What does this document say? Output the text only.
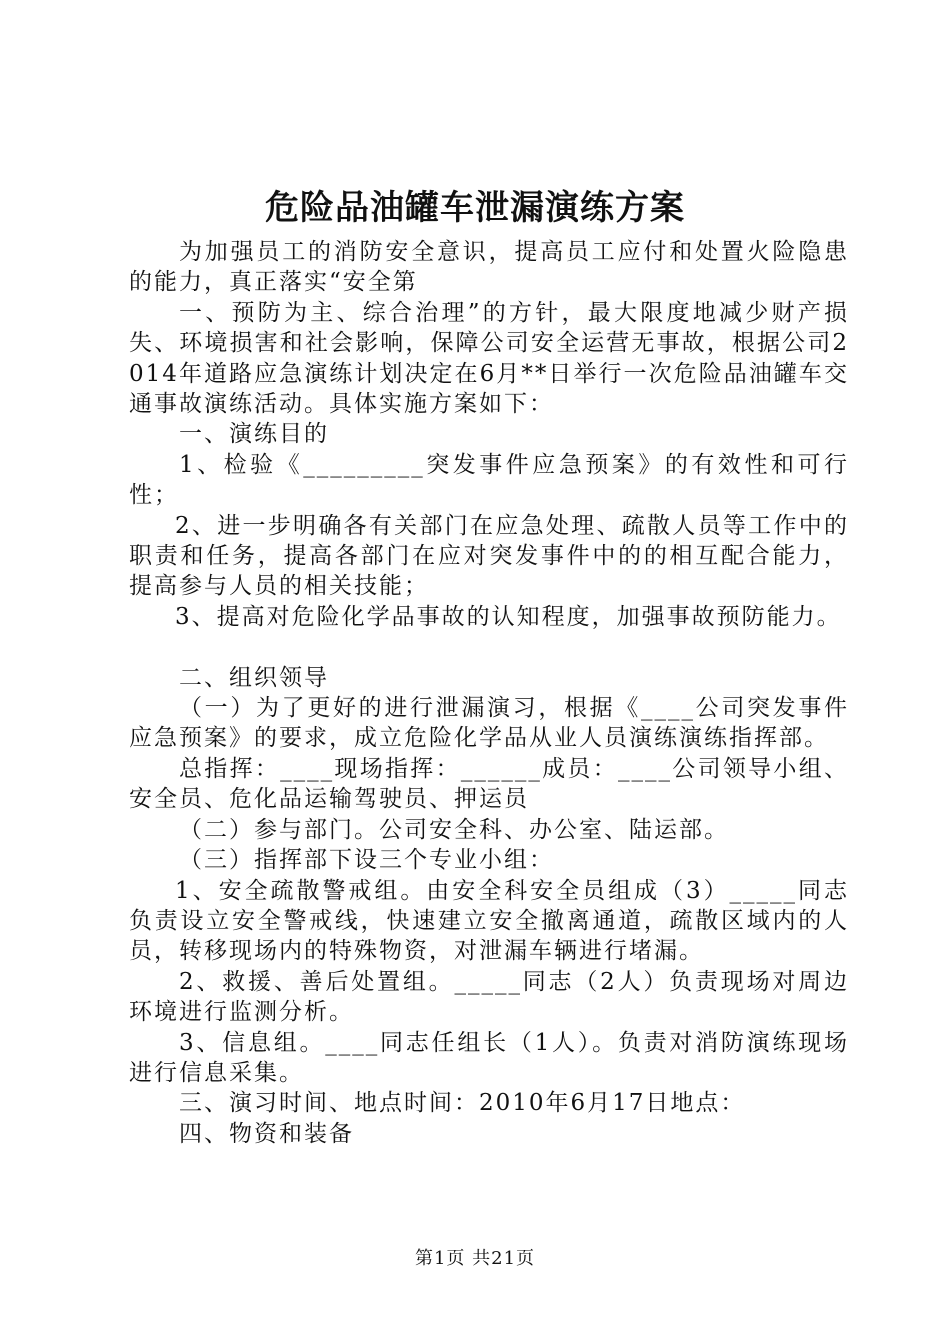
危险品油罐车泄漏演练方案

为加强员工的消防安全意识，提高员工应付和处置火险隐患的能力，真正落实“安全第

一、预防为主、综合治理”的方针，最大限度地减少财产损失、环境损害和社会影响，保障公司安全运营无事故，根据公司2014年道路应急演练计划决定在6月**日举行一次危险品油罐车交通事故演练活动。具体实施方案如下：

一、演练目的

1、检验《_________突发事件应急预案》的有效性和可行性；

2、进一步明确各有关部门在应急处理、疏散人员等工作中的职责和任务，提高各部门在应对突发事件中的的相互配合能力，提高参与人员的相关技能；

3、提高对危险化学品事故的认知程度，加强事故预防能力。

二、组织领导

（一）为了更好的进行泄漏演习，根据《____公司突发事件应急预案》的要求，成立危险化学品从业人员演练演练指挥部。

总指挥：____现场指挥：______成员：____公司领导小组、安全员、危化品运输驾驶员、押运员

（二）参与部门。公司安全科、办公室、陆运部。

（三）指挥部下设三个专业小组：

1、安全疏散警戒组。由安全科安全员组成（3）_____同志负责设立安全警戒线，快速建立安全撤离通道，疏散区域内的人员，转移现场内的特殊物资，对泄漏车辆进行堵漏。

2、救援、善后处置组。_____同志（2人）负责现场对周边环境进行监测分析。

3、信息组。____同志任组长（1人）。负责对消防演练现场进行信息采集。

三、演习时间、地点时间：2010年6月17日地点：

四、物资和装备

第1页 共21页
